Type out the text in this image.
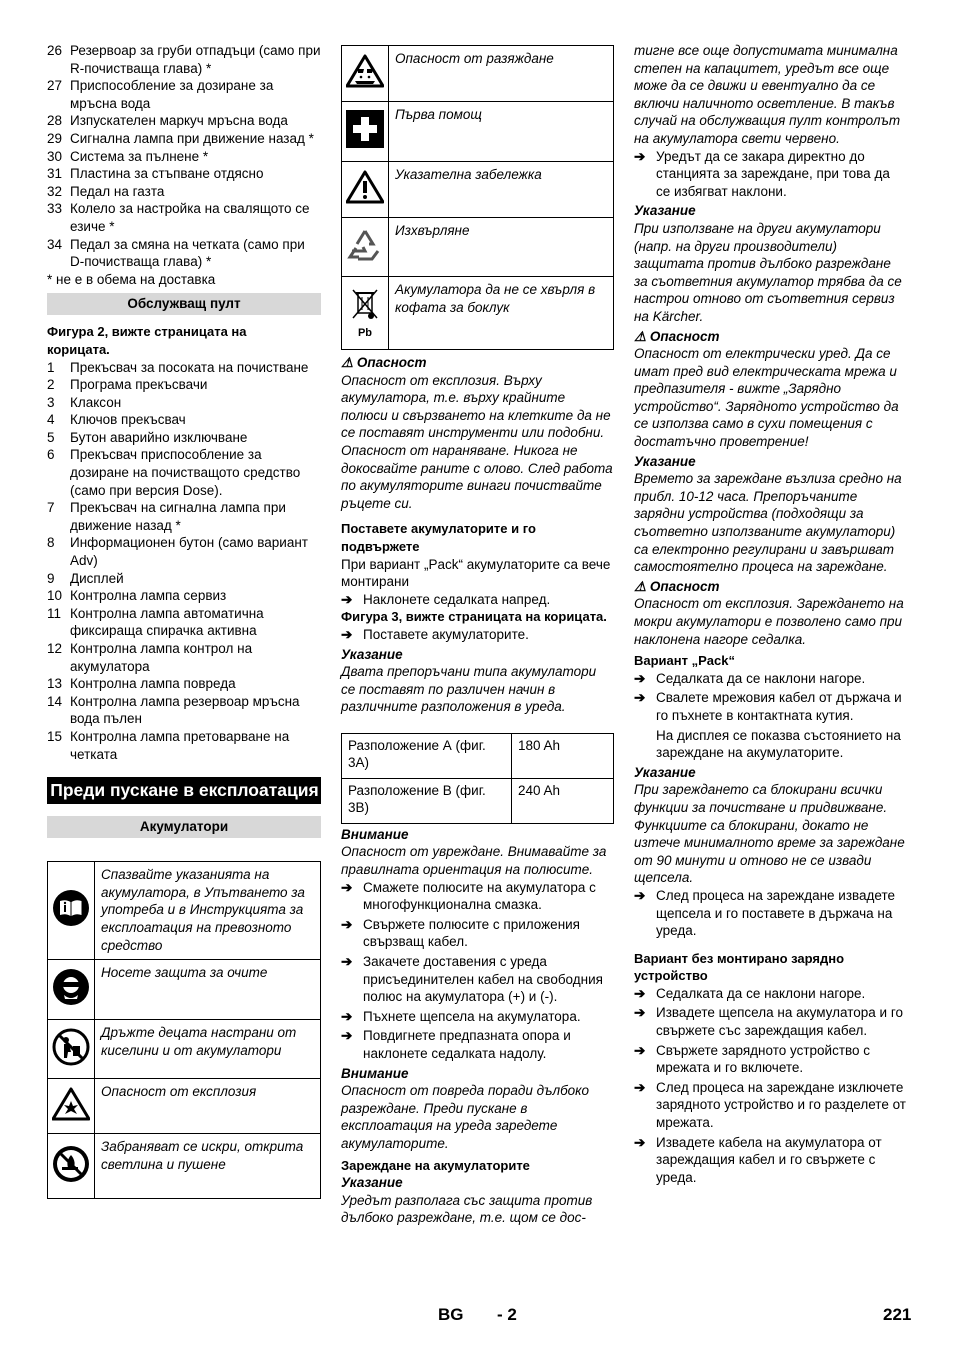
26 Резервоар за груби отпадъци (само при R-почистваща глава) *
27 Приспособление за дозиране за мръсна вода
28 Изпускателен маркуч мръсна вода
29 Сигнална лампа при движение назад *
30 Система за пълнене *
31 Пластина за стъпване отдясно
32 Педал на газта
33 Колело за настройка на свалящото се езиче *
34 Педал за смяна на четката (само при D-почистваща глава) *
* не е в обема на доставка
Обслужващ пулт
Фигура 2, вижте страницата на корицата.
1	Прекъсвач за посоката на почистване
2	Програма прекъсвачи
3	Клаксон
4	Ключов прекъсвач
5	Бутон аварийно изключване
6	Прекъсвач приспособление за дозиране на почистващото средство (само при версия Dose).
7	Прекъсвач на сигнална лампа при движение назад *
8	Информационен бутон (само вариант Adv)
9	Дисплей
10 Контролна лампа сервиз
11 Контролна лампа автоматична фиксираща спирачка активна
12 Контролна лампа контрол на акумулатора
13 Контролна лампа повреда
14 Контролна лампа резервоар мръсна вода пълен
15 Контролна лампа претоварване на четката
Преди пускане в експлоатация
Акумулатори
	Спазвайте указанията на акумулатора, в Упътването за употреба и в Инструкцията за експлоатация на превозното средство
	Носете защита за очите
	Дръжте децата настрани от киселини и от акумулатори
	Опасност от експлозия
	Забраняват се искри, открита светлина и пушене
	Опасност от разяждане
	Първа помощ
	Указателна забележка
	Изхвърляне

Pb	Акумулатора да не се хвърля в кофата за боклук
⚠ Опасност
Опасност от експлозия. Върху акумулатора, т.е. върху крайните полюси и свързването на клетките да не се поставят инструменти или подобни. Опасност от нараняване. Никога не докосвайте раните с олово. След работа по акумуляторите винаги почиствайте ръцете си.
Поставете акумулаторите и го подвържете
При вариант „Pack“ акумулаторите са вече монтирани
➔ Наклонете седалката напред.
Фигура 3, вижте страницата на корицата.
➔ Поставете акумулаторите.
Указание
Двата препоръчани типа акумулатори се поставят по различен начин в различните разположения в уреда.
Разположение А (фиг. 3А)	180 Ah
Разположение В (фиг. 3В)	240 Ah
Внимание
Опасност от увреждане. Внимавайте за правилната ориентация на полюсите.
➔ Смажете полюсите на акумулатора с многофункционална смазка.
➔ Свържете полюсите с приложения свързващ кабел.
➔ Закачете доставения с уреда присъединителен кабел на свободния полюс на акумулатора (+) и (-).
➔ Пъхнете щепсела на акумулатора.
➔ Повдигнете предпазната опора и наклонете седалката надолу.
Внимание
Опасност от повреда поради дълбоко разреждане. Преди пускане в експлоатация на уреда заредете акумулаторите.
Зареждане на акумулаторите
Указание
Уредът разполага със защита против дълбоко разреждане, т.е. щом се дос-
тигне все още допустимата минимална степен на капацитет, уредът все още може да се движи и евентуално да се включи наличното осветление. В такъв случай на обслужващия пулт контролът на акумулатора свети червено.
➔ Уредът да се закара директно до станцията за зареждане, при това да се избягват наклони.
Указание
При използване на други акумулатори (напр. на други производители) защитата против дълбоко разреждане за съответния акумулатор трябва да се настрои отново от съответния сервиз на Kärcher.
⚠ Опасност
Опасност от електрически уред. Да се имат пред вид електрическата мрежа и предпазителя - вижте „Зарядно устройство“. Зарядното устройство да се използва само в сухи помещения с достатъчно проветрение!
Указание
Времето за зареждане възлиза средно на прибл. 10-12 часа. Препоръчаните зарядни устройства (подходящи за съответно използваните акумулатори) са електронно регулирани и завършват самостоятелно процеса на зареждане.
⚠ Опасност
Опасност от експлозия. Зареждането на мокри акумулатори е позволено само при наклонена нагоре седалка.
Вариант „Pack“
➔ Седалката да се наклони нагоре.
➔ Свалете мрежовия кабел от държача и го пъхнете в контактната кутия.
На дисплея се показва състоянието на зареждане на акумулаторите.
Указание
При зареждането са блокирани всички функции за почистване и придвижване. Функциите са блокирани, докато не изтече минималното време за зареждане от 90 минути и отново не се извади щепсела.
➔ След процеса на зареждане извадете щепсела и го поставете в държача на уреда.
Вариант без монтирано зарядно устройство
➔ Седалката да се наклони нагоре.
➔ Извадете щепсела на акумулатора и го свържете със зареждащия кабел.
➔ Свържете зарядното устройство с мрежата и го включете.
➔ След процеса на зареждане изключете зарядното устройство и го разделете от мрежата.
➔ Извадете кабела на акумулатора от зареждащия кабел и го свържете с уреда.
BG - 2	221
